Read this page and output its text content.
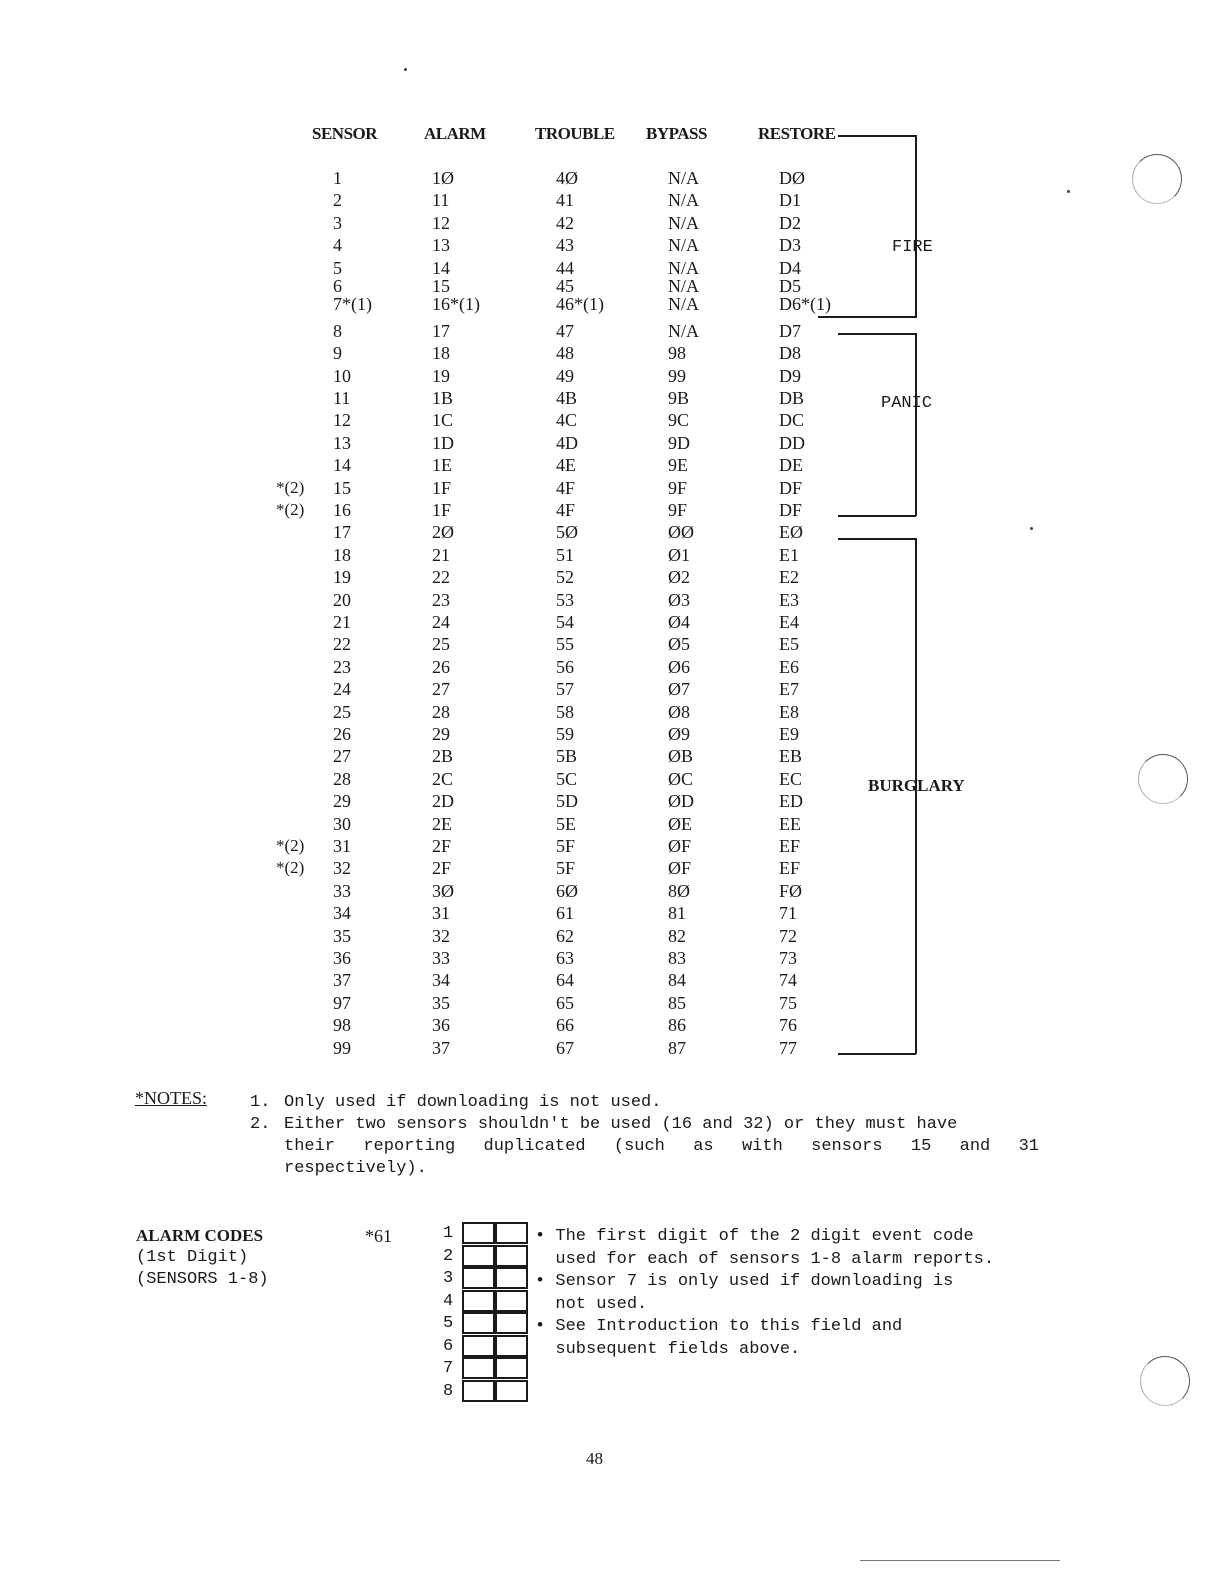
SENSOR	ALARM	TROUBLE BYPASS	RESTORE
1	1Ø	4Ø	N/A	DØ
2	11	41	N/A	D1
3	12	42	N/A	D2
4	13	43	N/A	D3
5	14	44	N/A	D4
6	15	45	N/A	D5
7*(1)	16*(1)	46*(1)	N/A	D6*(1)
8	17	47	N/A	D7
9	18	48	98	D8
10	19	49	99	D9
11	1B	4B	9B	DB
12	1C	4C	9C	DC
13	1D	4D	9D	DD
14	1E	4E	9E	DE
15	1F	4F	9F	DF
*(2)
16	1F	4F	9F	DF
*(2)
17	2Ø	5Ø	ØØ	EØ
18	21	51	Ø1	E1
19	22	52	Ø2	E2
20	23	53	Ø3	E3
21	24	54	Ø4	E4
22	25	55	Ø5	E5
23	26	56	Ø6	E6
24	27	57	Ø7	E7
25	28	58	Ø8	E8
26	29	59	Ø9	E9
27	2B	5B	ØB	EB
28	2C	5C	ØC	EC
29	2D	5D	ØD	ED
30	2E	5E	ØE	EE
31	2F	5F	ØF	EF
*(2)
32	2F	5F	ØF	EF
*(2)
33	3Ø	6Ø	8Ø	FØ
34	31	61	81	71
35	32	62	82	72
36	33	63	83	73
37	34	64	84	74
97	35	65	85	75
98	36	66	86	76
99	37	67	87	77
FIRE
PANIC
BURGLARY
*NOTES:	1. Only used if downloading is not used.
2. Either two sensors shouldn't be used (16 and 32) or they must have
their reporting duplicated (such as with sensors 15 and 31
respectively).
ALARM CODES
(1st Digit)
(SENSORS 1-8)
*61	1
2
3
4
5
6
7
8
• The first digit of the 2 digit event code
used for each of sensors 1-8 alarm reports.
• Sensor 7 is only used if downloading is
not used.
• See Introduction to this field and
subsequent fields above.
48
